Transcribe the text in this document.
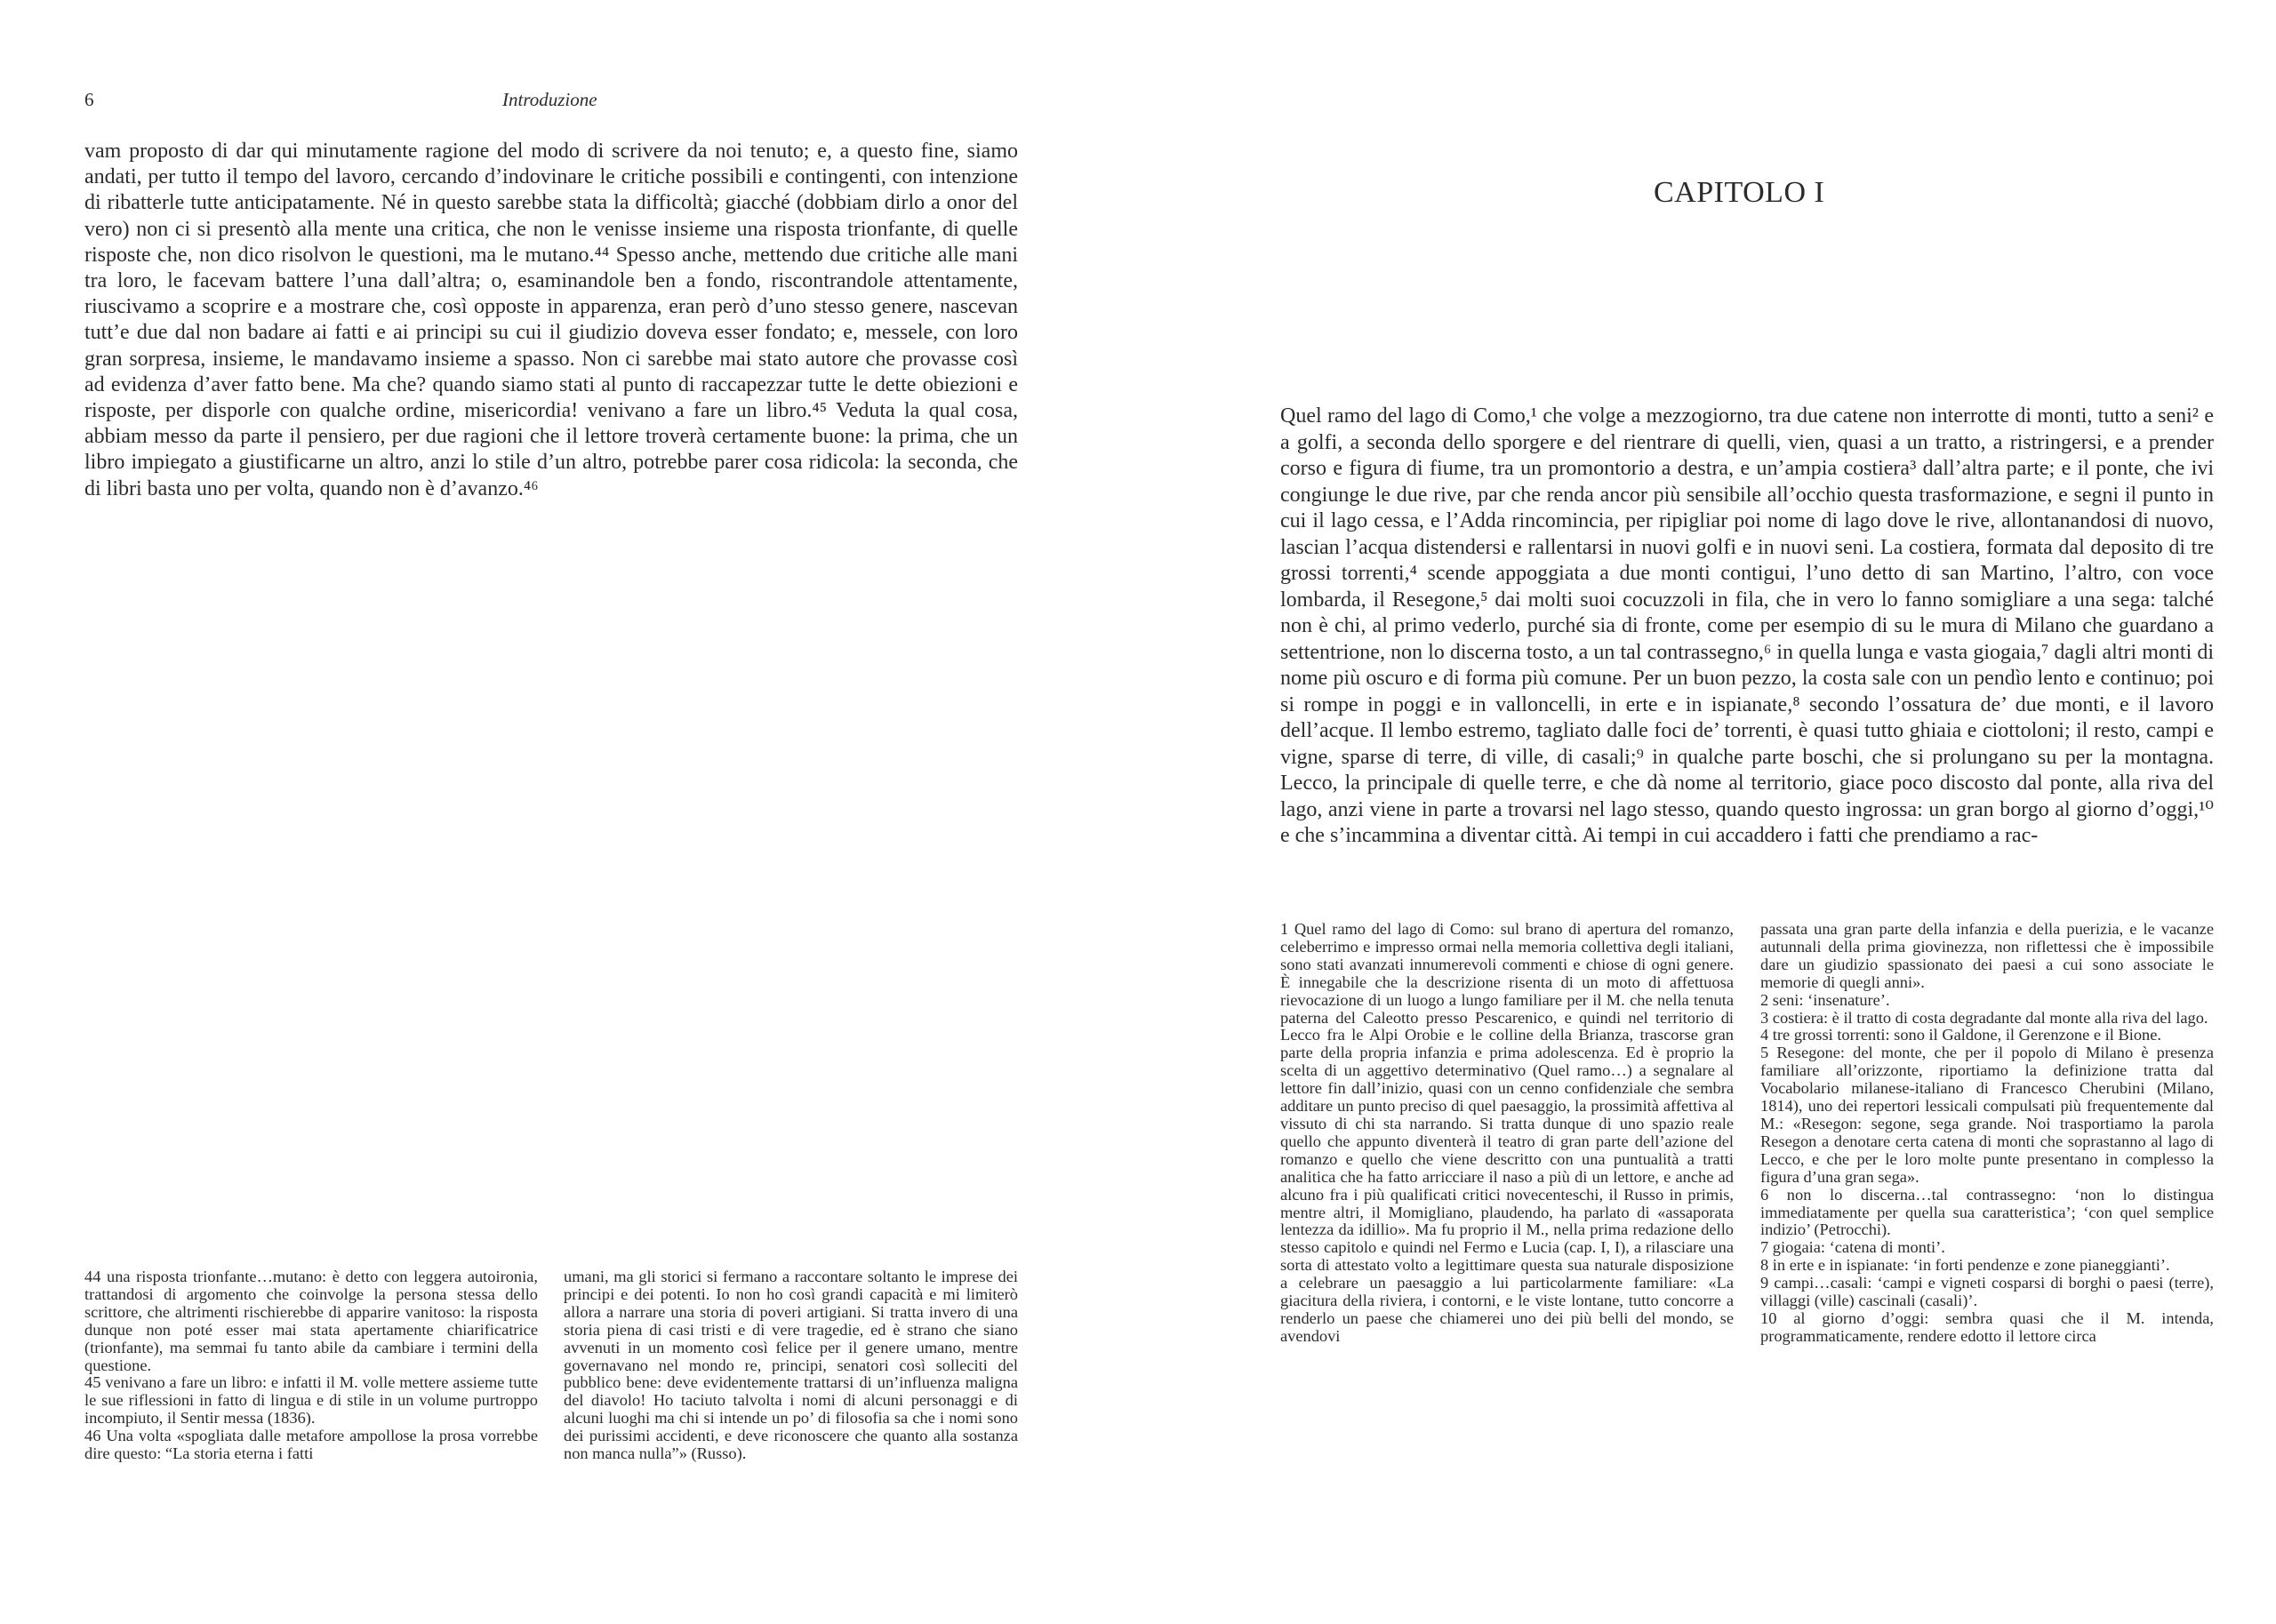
6	Introduzione
vam proposto di dar qui minutamente ragione del modo di scrivere da noi tenuto; e, a questo fine, siamo andati, per tutto il tempo del lavoro, cercando d’indovinare le critiche possibili e contingenti, con intenzione di ribatterle tutte anticipatamente. Né in questo sarebbe stata la difficoltà; giacché (dobbiam dirlo a onor del vero) non ci si presentò alla mente una critica, che non le venisse insieme una risposta trionfante, di quelle risposte che, non dico risolvon le questioni, ma le mutano.⁴⁴ Spesso anche, mettendo due critiche alle mani tra loro, le facevam battere l’una dall’altra; o, esaminandole ben a fondo, riscontrandole attentamente, riuscivamo a scoprire e a mostrare che, così opposte in apparenza, eran però d’uno stesso genere, nascevan tutt’e due dal non badare ai fatti e ai principi su cui il giudizio doveva esser fondato; e, messele, con loro gran sorpresa, insieme, le mandavamo insieme a spasso. Non ci sarebbe mai stato autore che provasse così ad evidenza d’aver fatto bene. Ma che? quando siamo stati al punto di raccapezzar tutte le dette obiezioni e risposte, per disporle con qualche ordine, misericordia! venivano a fare un libro.⁴⁵ Veduta la qual cosa, abbiam messo da parte il pensiero, per due ragioni che il lettore troverà certamente buone: la prima, che un libro impiegato a giustificarne un altro, anzi lo stile d’un altro, potrebbe parer cosa ridicola: la seconda, che di libri basta uno per volta, quando non è d’avanzo.⁴⁶

44 una risposta trionfante…mutano: è detto con leggera autoironia, trattandosi di argomento che coinvolge la persona stessa dello scrittore, che altrimenti rischierebbe di apparire vanitoso: la risposta dunque non poté esser mai stata apertamente chiarificatrice (trionfante), ma semmai fu tanto abile da cambiare i termini della questione.

45 venivano a fare un libro: e infatti il M. volle mettere assieme tutte le sue riflessioni in fatto di lingua e di stile in un volume purtroppo incompiuto, il Sentir messa (1836).

46 Una volta «spogliata dalle metafore ampollose la prosa vorrebbe dire questo: “La storia eterna i fatti

umani, ma gli storici si fermano a raccontare soltanto le imprese dei principi e dei potenti. Io non ho così grandi capacità e mi limiterò allora a narrare una storia di poveri artigiani. Si tratta invero di una storia piena di casi tristi e di vere tragedie, ed è strano che siano avvenuti in un momento così felice per il genere umano, mentre governavano nel mondo re, principi, senatori così solleciti del pubblico bene: deve evidentemente trattarsi di un’influenza maligna del diavolo! Ho taciuto talvolta i nomi di alcuni personaggi e di alcuni luoghi ma chi si intende un po’ di filosofia sa che i nomi sono dei purissimi accidenti, e deve riconoscere che quanto alla sostanza non manca nulla”» (Russo).

CAPITOLO I
Quel ramo del lago di Como,¹ che volge a mezzogiorno, tra due catene non interrotte di monti, tutto a seni² e a golfi, a seconda dello sporgere e del rientrare di quelli, vien, quasi a un tratto, a ristringersi, e a prender corso e figura di fiume, tra un promontorio a destra, e un’ampia costiera³ dall’altra parte; e il ponte, che ivi congiunge le due rive, par che renda ancor più sensibile all’occhio questa trasformazione, e segni il punto in cui il lago cessa, e l’Adda rincomincia, per ripigliar poi nome di lago dove le rive, allontanandosi di nuovo, lascian l’acqua distendersi e rallentarsi in nuovi golfi e in nuovi seni. La costiera, formata dal deposito di tre grossi torrenti,⁴ scende appoggiata a due monti contigui, l’uno detto di san Martino, l’altro, con voce lombarda, il Resegone,⁵ dai molti suoi cocuzzoli in fila, che in vero lo fanno somigliare a una sega: talché non è chi, al primo vederlo, purché sia di fronte, come per esempio di su le mura di Milano che guardano a settentrione, non lo discerna tosto, a un tal contrassegno,⁶ in quella lunga e vasta giogaia,⁷ dagli altri monti di nome più oscuro e di forma più comune. Per un buon pezzo, la costa sale con un pendìo lento e continuo; poi si rompe in poggi e in valloncelli, in erte e in ispianate,⁸ secondo l’ossatura de’ due monti, e il lavoro dell’acque. Il lembo estremo, tagliato dalle foci de’ torrenti, è quasi tutto ghiaia e ciottoloni; il resto, campi e vigne, sparse di terre, di ville, di casali;⁹ in qualche parte boschi, che si prolungano su per la montagna. Lecco, la principale di quelle terre, e che dà nome al territorio, giace poco discosto dal ponte, alla riva del lago, anzi viene in parte a trovarsi nel lago stesso, quando questo ingrossa: un gran borgo al giorno d’oggi,¹⁰ e che s’incammina a diventar città. Ai tempi in cui accaddero i fatti che prendiamo a rac-

1 Quel ramo del lago di Como: sul brano di apertura del romanzo, celeberrimo e impresso ormai nella memoria collettiva degli italiani, sono stati avanzati innumerevoli commenti e chiose di ogni genere. È innegabile che la descrizione risenta di un moto di affettuosa rievocazione di un luogo a lungo familiare per il M. che nella tenuta paterna del Caleotto presso Pescarenico, e quindi nel territorio di Lecco fra le Alpi Orobie e le colline della Brianza, trascorse gran parte della propria infanzia e prima adolescenza. Ed è proprio la scelta di un aggettivo determinativo (Quel ramo…) a segnalare al lettore fin dall’inizio, quasi con un cenno confidenziale che sembra additare un punto preciso di quel paesaggio, la prossimità affettiva al vissuto di chi sta narrando. Si tratta dunque di uno spazio reale quello che appunto diventerà il teatro di gran parte dell’azione del romanzo e quello che viene descritto con una puntualità a tratti analitica che ha fatto arricciare il naso a più di un lettore, e anche ad alcuno fra i più qualificati critici novecenteschi, il Russo in primis, mentre altri, il Momigliano, plaudendo, ha parlato di «assaporata lentezza da idillio». Ma fu proprio il M., nella prima redazione dello stesso capitolo e quindi nel Fermo e Lucia (cap. I, I), a rilasciare una sorta di attestato volto a legittimare questa sua naturale disposizione a celebrare un paesaggio a lui particolarmente familiare: «La giacitura della riviera, i contorni, e le viste lontane, tutto concorre a renderlo un paese che chiamerei uno dei più belli del mondo, se avendovi

passata una gran parte della infanzia e della puerizia, e le vacanze autunnali della prima giovinezza, non riflettessi che è impossibile dare un giudizio spassionato dei paesi a cui sono associate le memorie di quegli anni».

2 seni: ‘insenature’.

3 costiera: è il tratto di costa degradante dal monte alla riva del lago.

4 tre grossi torrenti: sono il Galdone, il Gerenzone e il Bione.

5 Resegone: del monte, che per il popolo di Milano è presenza familiare all’orizzonte, riportiamo la definizione tratta dal Vocabolario milanese-italiano di Francesco Cherubini (Milano, 1814), uno dei repertori lessicali compulsati più frequentemente dal M.: «Resegon: segone, sega grande. Noi trasportiamo la parola Resegon a denotare certa catena di monti che soprastanno al lago di Lecco, e che per le loro molte punte presentano in complesso la figura d’una gran sega».

6 non lo discerna…tal contrassegno: ‘non lo distingua immediatamente per quella sua caratteristica’; ‘con quel semplice indizio’ (Petrocchi).

7 giogaia: ‘catena di monti’.

8 in erte e in ispianate: ‘in forti pendenze e zone pianeggianti’.

9 campi…casali: ‘campi e vigneti cosparsi di borghi o paesi (terre), villaggi (ville) cascinali (casali)’.

10 al giorno d’oggi: sembra quasi che il M. intenda, programmaticamente, rendere edotto il lettore circa
